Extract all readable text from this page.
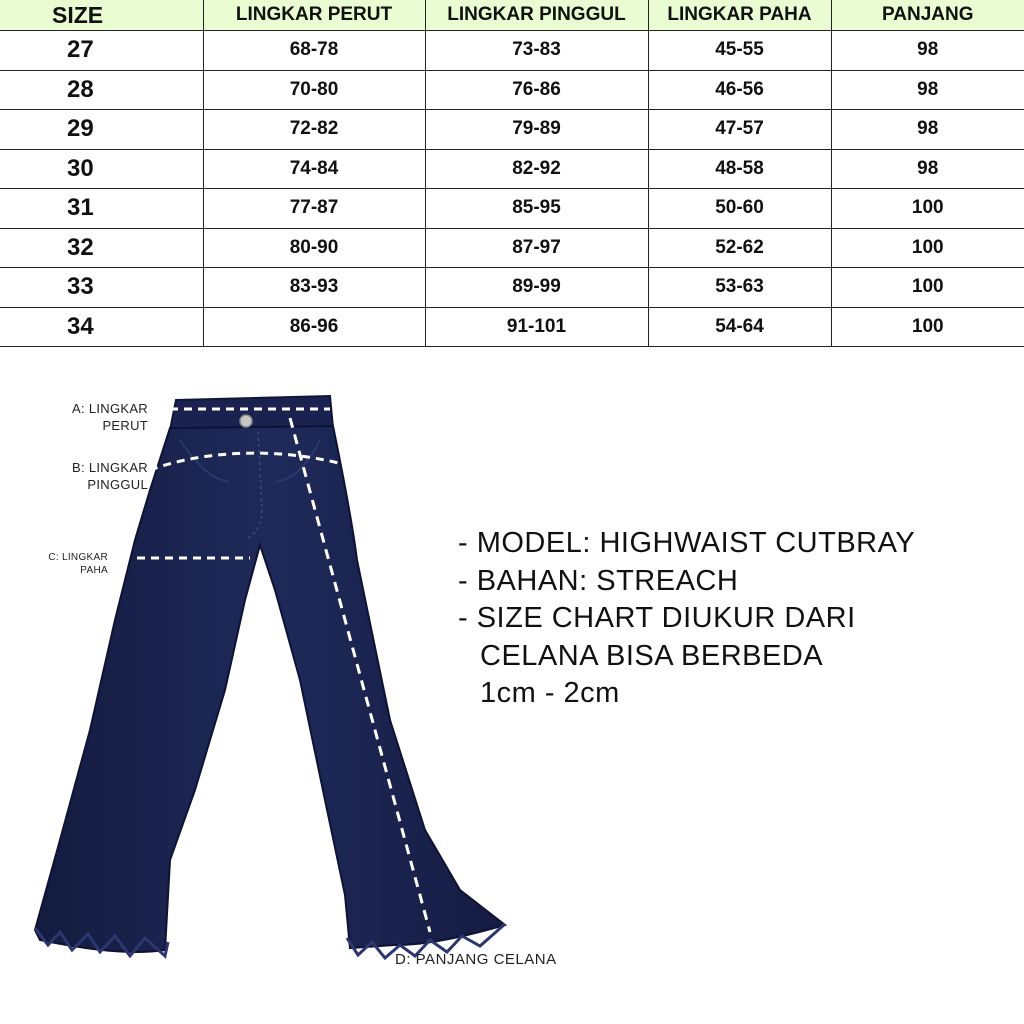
SIZE	LINGKAR PERUT	LINGKAR PINGGUL	LINGKAR PAHA	PANJANG
27	68-78	73-83	45-55	98
28	70-80	76-86	46-56	98
29	72-82	79-89	47-57	98
30	74-84	82-92	48-58	98
31	77-87	85-95	50-60	100
32	80-90	87-97	52-62	100
33	83-93	89-99	53-63	100
34	86-96	91-101	54-64	100
A: LINGKAR
PERUT
B: LINGKAR
PINGGUL
C: LINGKAR
PAHA
D: PANJANG CELANA
- MODEL: HIGHWAIST CUTBRAY
- BAHAN: STREACH
- SIZE CHART DIUKUR DARI
CELANA BISA BERBEDA
1cm - 2cm
